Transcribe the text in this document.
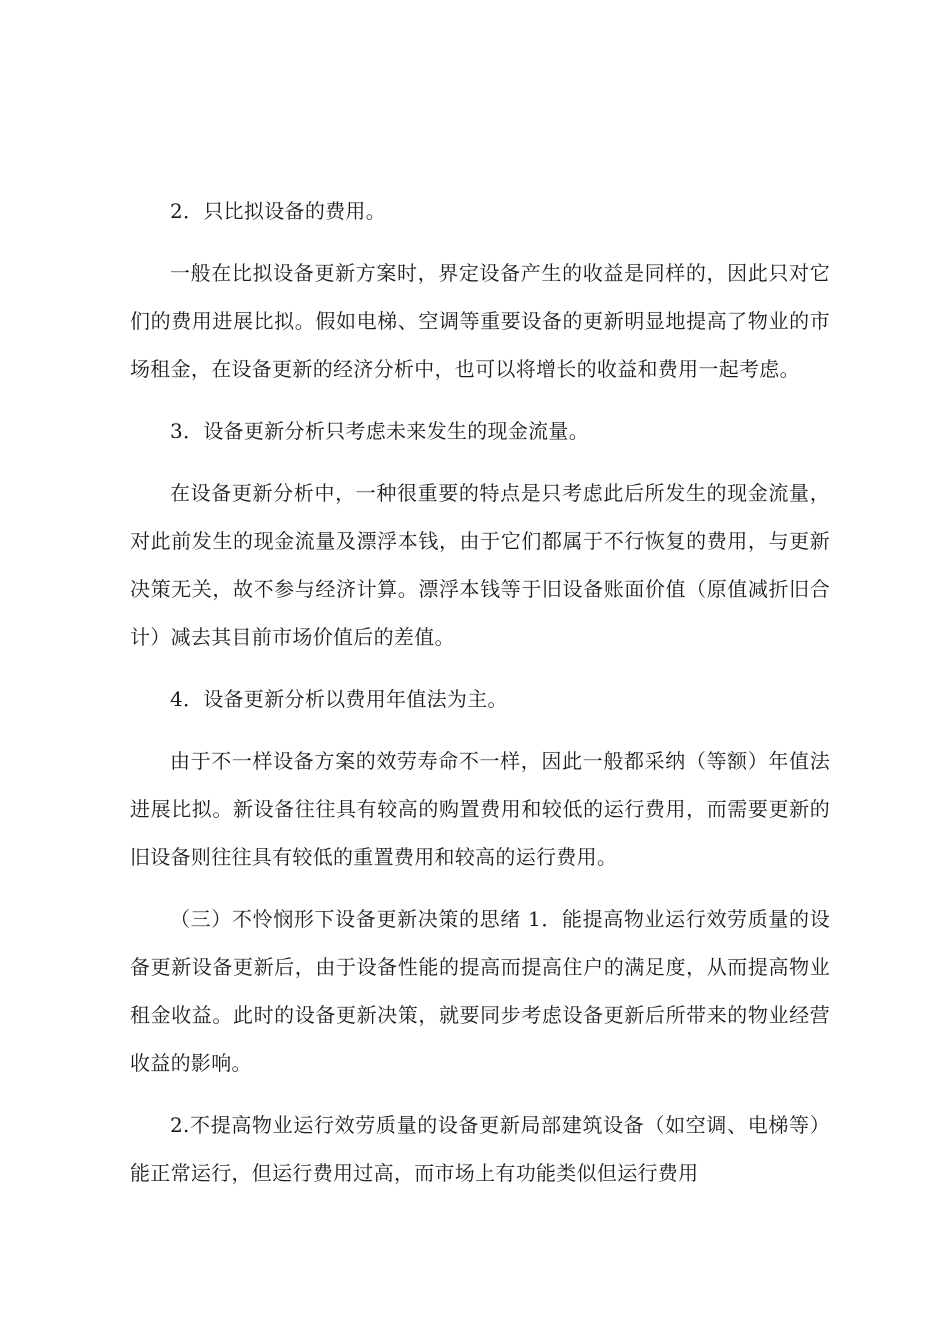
2．只比拟设备的费用。

一般在比拟设备更新方案时，界定设备产生的收益是同样的，因此只对它们的费用进展比拟。假如电梯、空调等重要设备的更新明显地提高了物业的市场租金，在设备更新的经济分析中，也可以将增长的收益和费用一起考虑。

3．设备更新分析只考虑未来发生的现金流量。

在设备更新分析中，一种很重要的特点是只考虑此后所发生的现金流量，对此前发生的现金流量及漂浮本钱，由于它们都属于不行恢复的费用，与更新决策无关，故不参与经济计算。漂浮本钱等于旧设备账面价值（原值减折旧合计）减去其目前市场价值后的差值。

4．设备更新分析以费用年值法为主。

由于不一样设备方案的效劳寿命不一样，因此一般都采纳（等额）年值法进展比拟。新设备往往具有较高的购置费用和较低的运行费用，而需要更新的旧设备则往往具有较低的重置费用和较高的运行费用。

（三）不怜悯形下设备更新决策的思绪 1．能提高物业运行效劳质量的设备更新设备更新后，由于设备性能的提高而提高住户的满足度，从而提高物业租金收益。此时的设备更新决策，就要同步考虑设备更新后所带来的物业经营收益的影响。

2.不提高物业运行效劳质量的设备更新局部建筑设备（如空调、电梯等）能正常运行，但运行费用过高，而市场上有功能类似但运行费用
